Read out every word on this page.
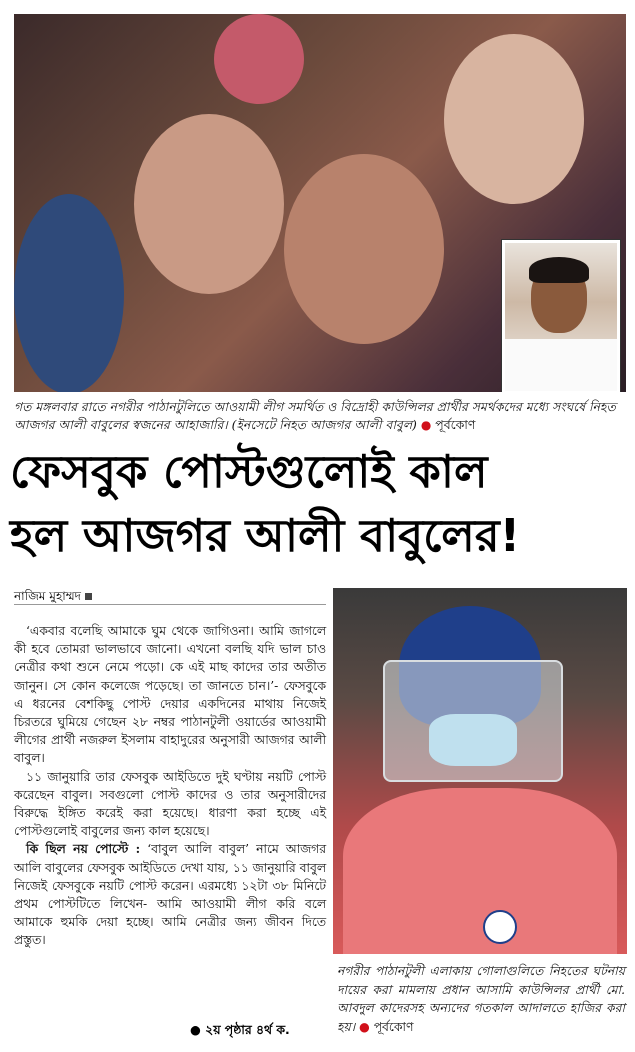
গত মঙ্গলবার রাতে নগরীর পাঠানটুলিতে আওয়ামী লীগ সমর্থিত ও বিদ্রোহী কাউন্সিলর প্রার্থীর সমর্থকদের মধ্যে সংঘর্ষে নিহত আজগর আলী বাবুলের স্বজনের আহাজারি। (ইনসেটে নিহত আজগর আলী বাবুল) ● পূর্বকোণ
ফেসবুক পোস্টগুলোই কাল
হল আজগর আলী বাবুলের!
নাজিম মুহাম্মদ

‘একবার বলেছি আমাকে ঘুম থেকে জাগিওনা। আমি জাগলে কী হবে তোমরা ভালভাবে জানো। এখনো বলছি যদি ভাল চাও নেত্রীর কথা শুনে নেমে পড়ো। কে এই মাছ কাদের তার অতীত জানুন। সে কোন কলেজে পড়েছে। তা জানতে চান।’- ফেসবুকে এ ধরনের বেশকিছু পোস্ট দেয়ার একদিনের মাথায় নিজেই চিরতরে ঘুমিয়ে গেছেন ২৮ নম্বর পাঠানটুলী ওয়ার্ডের আওয়ামী লীগের প্রার্থী নজরুল ইসলাম বাহাদুরের অনুসারী আজগর আলী বাবুল।

১১ জানুয়ারি তার ফেসবুক আইডিতে দুই ঘণ্টায় নয়টি পোস্ট করেছেন বাবুল। সবগুলো পোস্ট কাদের ও তার অনুসারীদের বিরুদ্ধে ইঙ্গিত করেই করা হয়েছে। ধারণা করা হচ্ছে এই পোস্টগুলোই বাবুলের জন্য কাল হয়েছে।

কি ছিল নয় পোস্টে : ‘বাবুল আলি বাবুল’ নামে আজগর আলি বাবুলের ফেসবুক আইডিতে দেখা যায়, ১১ জানুয়ারি বাবুল নিজেই ফেসবুকে নয়টি পোস্ট করেন। এরমধ্যে ১২টা ৩৮ মিনিটে প্রথম পোস্টটিতে লিখেন- আমি আওয়ামী লীগ করি বলে আমাকে হুমকি দেয়া হচ্ছে। আমি নেত্রীর জন্য জীবন দিতে প্রস্তুত।

● ২য় পৃষ্ঠার ৪র্থ ক.
নগরীর পাঠানটুলী এলাকায় গোলাগুলিতে নিহতের ঘটনায় দায়ের করা মামলায় প্রধান আসামি কাউন্সিলর প্রার্থী মো. আবদুল কাদেরসহ অন্যদের গতকাল আদালতে হাজির করা হয়। ● পূর্বকোণ
